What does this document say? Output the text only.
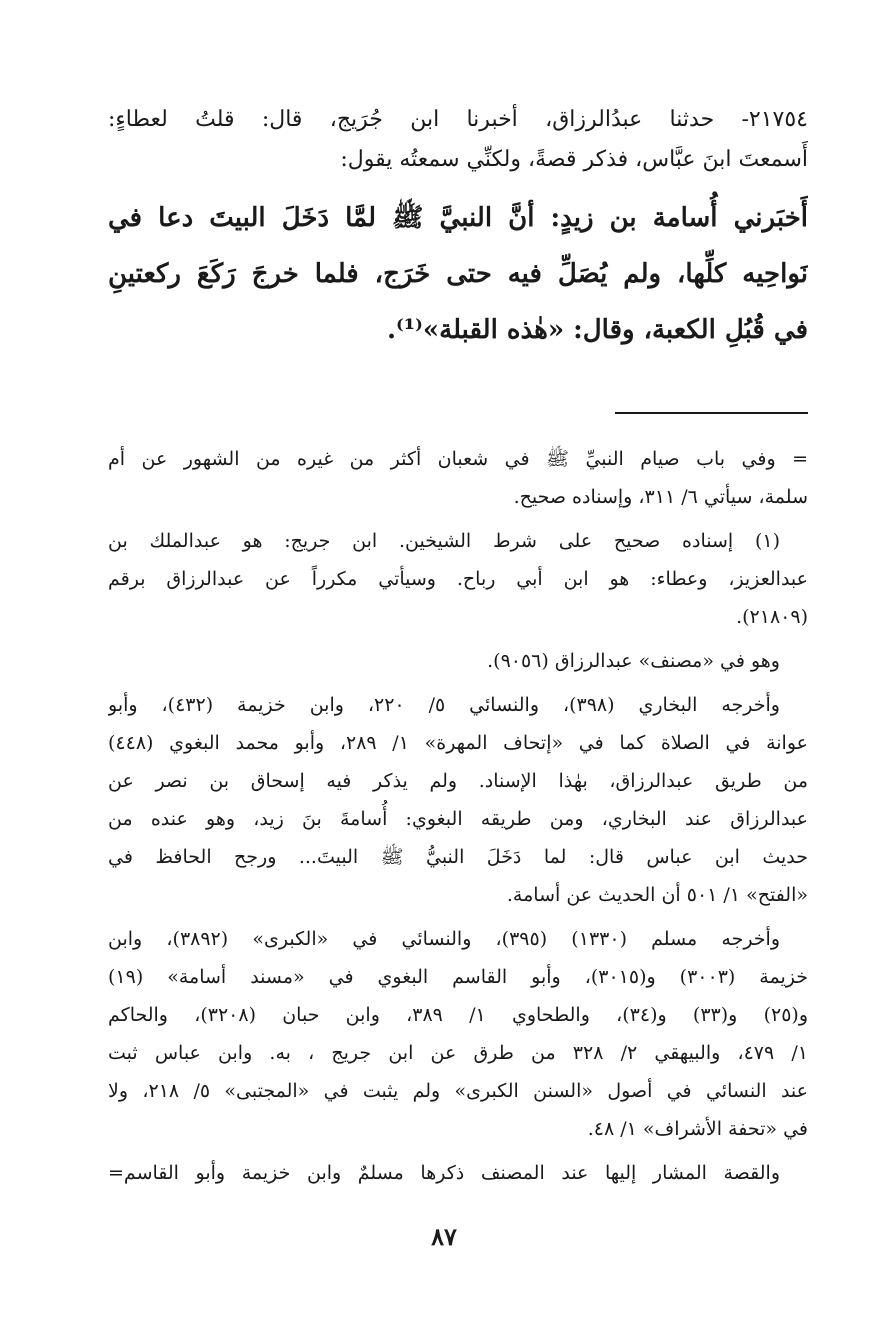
٢١٧٥٤- حدثنا عبدُالرزاق، أخبرنا ابن جُرَيج، قال: قلتُ لعطاءٍ:
أَسمعتَ ابنَ عبَّاس، فذكر قصةً، ولكنِّي سمعتُه يقول:
أَخبَرني أُسامة بن زيدٍ: أنَّ النبيَّ ﷺ لمَّا دَخَلَ البيتَ دعا في
نَواحِيه كلِّها، ولم يُصَلِّ فيه حتى خَرَج، فلما خرجَ رَكَعَ ركعتينِ
في قُبُلِ الكعبة، وقال: «هٰذه القبلة»⁽¹⁾.
= وفي باب صيام النبيِّ ﷺ في شعبان أكثر من غيره من الشهور عن أم
سلمة، سيأتي ٦/ ٣١١، وإسناده صحيح.
(١) إسناده صحيح على شرط الشيخين. ابن جريج: هو عبدالملك بن
عبدالعزيز، وعطاء: هو ابن أبي رباح. وسيأتي مكرراً عن عبدالرزاق برقم
(٢١٨٠٩).
وهو في «مصنف» عبدالرزاق (٩٠٥٦).
وأخرجه البخاري (٣٩٨)، والنسائي ٥/ ٢٢٠، وابن خزيمة (٤٣٢)، وأبو
عوانة في الصلاة كما في «إتحاف المهرة» ١/ ٢٨٩، وأبو محمد البغوي (٤٤٨)
من طريق عبدالرزاق، بهٰذا الإسناد. ولم يذكر فيه إسحاق بن نصر عن
عبدالرزاق عند البخاري، ومن طريقه البغوي: أُسامةَ بنَ زيد، وهو عنده من
حديث ابن عباس قال: لما دَخَلَ النبيُّ ﷺ البيتَ... ورجح الحافظ في
«الفتح» ١/ ٥٠١ أن الحديث عن أسامة.
وأخرجه مسلم (١٣٣٠) (٣٩٥)، والنسائي في «الكبرى» (٣٨٩٢)، وابن
خزيمة (٣٠٠٣) و(٣٠١٥)، وأبو القاسم البغوي في «مسند أسامة» (١٩)
و(٢٥) و(٣٣) و(٣٤)، والطحاوي ١/ ٣٨٩، وابن حبان (٣٢٠٨)، والحاكم
١/ ٤٧٩، والبيهقي ٢/ ٣٢٨ من طرق عن ابن جريج ، به. وابن عباس ثبت
عند النسائي في أصول «السنن الكبرى» ولم يثبت في «المجتبى» ٥/ ٢١٨، ولا
في «تحفة الأشراف» ١/ ٤٨.
والقصة المشار إليها عند المصنف ذكرها مسلمٌ وابن خزيمة وأبو القاسم=
٨٧
